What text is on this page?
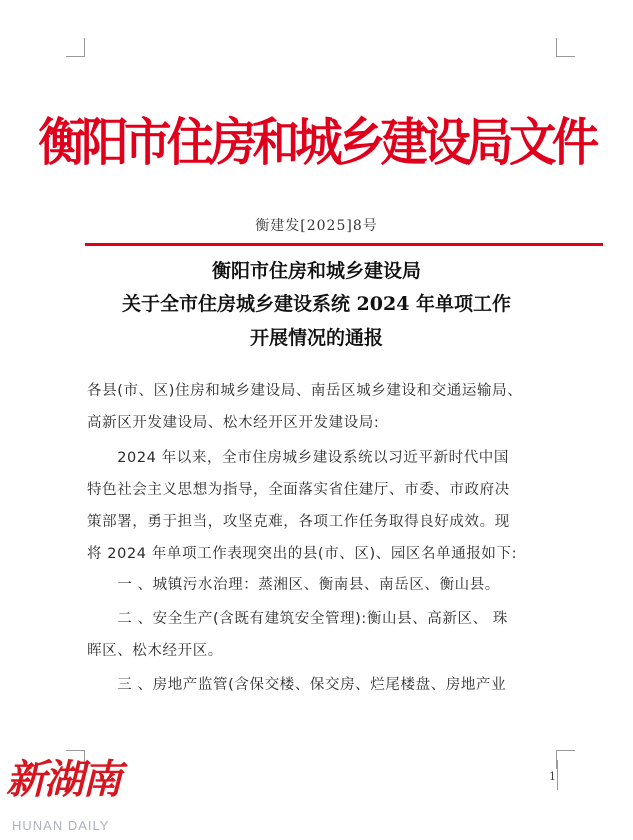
衡阳市住房和城乡建设局文件
衡建发[2025]8号
衡阳市住房和城乡建设局
关于全市住房城乡建设系统 2024 年单项工作
开展情况的通报
各县(市、区)住房和城乡建设局、南岳区城乡建设和交通运输局、
高新区开发建设局、松木经开区开发建设局:
　　2024 年以来，全市住房城乡建设系统以习近平新时代中国
特色社会主义思想为指导，全面落实省住建厅、市委、市政府决
策部署，勇于担当，攻坚克难，各项工作任务取得良好成效。现
将 2024 年单项工作表现突出的县(市、区)、园区名单通报如下:
　　一 、城镇污水治理：蒸湘区、衡南县、南岳区、衡山县。
　　二 、安全生产(含既有建筑安全管理):衡山县、高新区、 珠
晖区、松木经开区。
　　三 、房地产监管(含保交楼、保交房、烂尾楼盘、房地产业
1
新湖南
HUNAN DAILY
